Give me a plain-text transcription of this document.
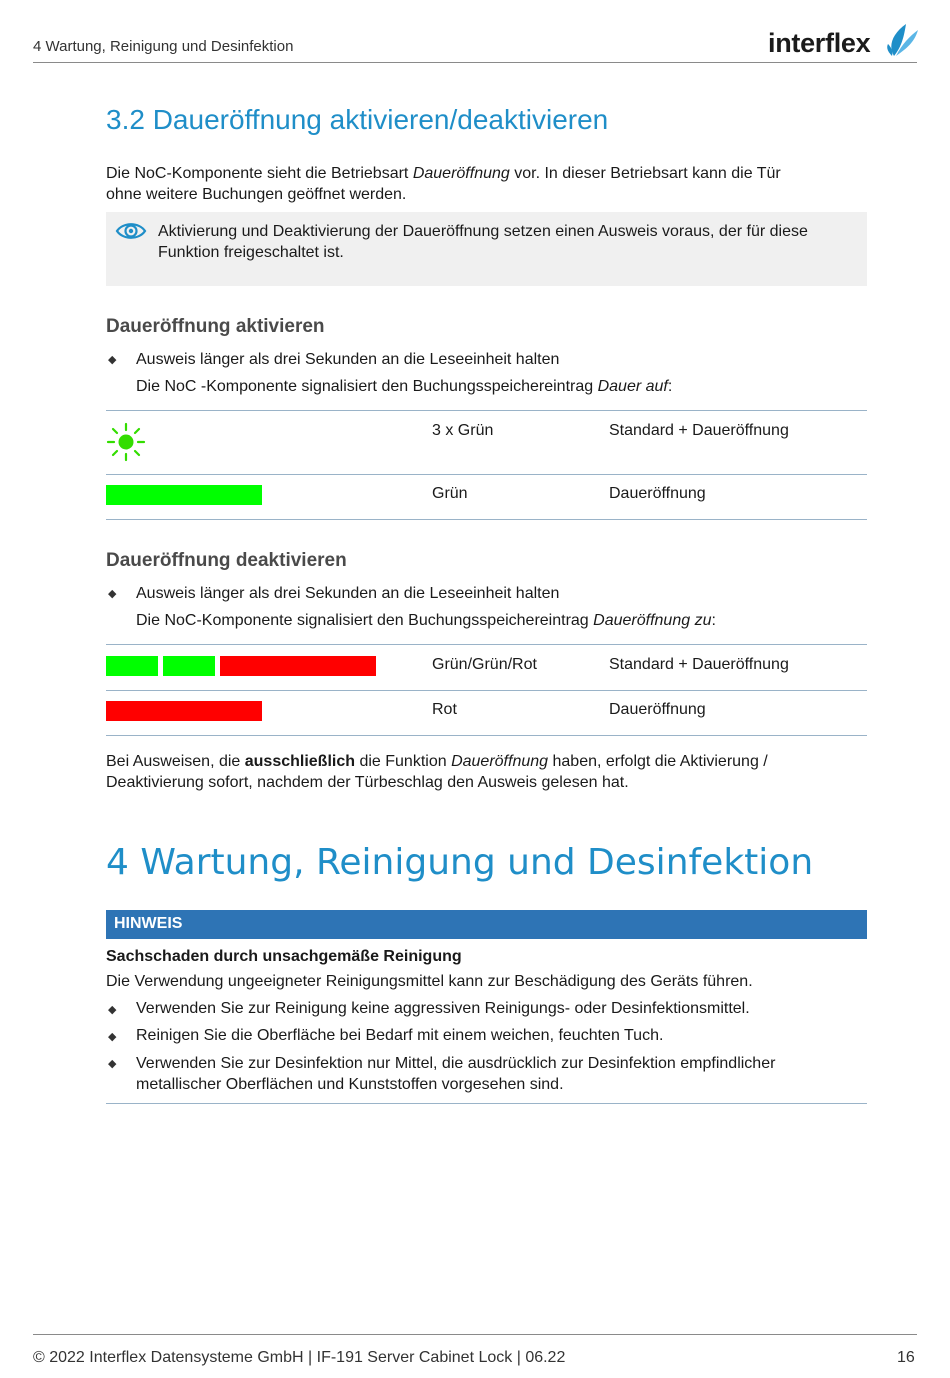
4 Wartung, Reinigung und Desinfektion	interflex
3.2 Daueröffnung aktivieren/deaktivieren
Die NoC-Komponente sieht die Betriebsart Daueröffnung vor. In dieser Betriebsart kann die Tür
ohne weitere Buchungen geöffnet werden.
Aktivierung und Deaktivierung der Daueröffnung setzen einen Ausweis voraus, der für diese
Funktion freigeschaltet ist.
Daueröffnung aktivieren
◆ Ausweis länger als drei Sekunden an die Leseeinheit halten
Die NoC -Komponente signalisiert den Buchungsspeichereintrag Dauer auf:
3 x Grün	Standard + Daueröffnung
Grün	Daueröffnung
Daueröffnung deaktivieren
◆ Ausweis länger als drei Sekunden an die Leseeinheit halten
Die NoC-Komponente signalisiert den Buchungsspeichereintrag Daueröffnung zu:
Grün/Grün/Rot	Standard + Daueröffnung
Rot	Daueröffnung
Bei Ausweisen, die ausschließlich die Funktion Daueröffnung haben, erfolgt die Aktivierung /
Deaktivierung sofort, nachdem der Türbeschlag den Ausweis gelesen hat.
4 Wartung, Reinigung und Desinfektion
HINWEIS
Sachschaden durch unsachgemäße Reinigung
Die Verwendung ungeeigneter Reinigungsmittel kann zur Beschädigung des Geräts führen.
◆ Verwenden Sie zur Reinigung keine aggressiven Reinigungs- oder Desinfektionsmittel.
◆ Reinigen Sie die Oberfläche bei Bedarf mit einem weichen, feuchten Tuch.
◆ Verwenden Sie zur Desinfektion nur Mittel, die ausdrücklich zur Desinfektion empfindlicher
metallischer Oberflächen und Kunststoffen vorgesehen sind.
© 2022 Interflex Datensysteme GmbH | IF-191 Server Cabinet Lock | 06.22	16
